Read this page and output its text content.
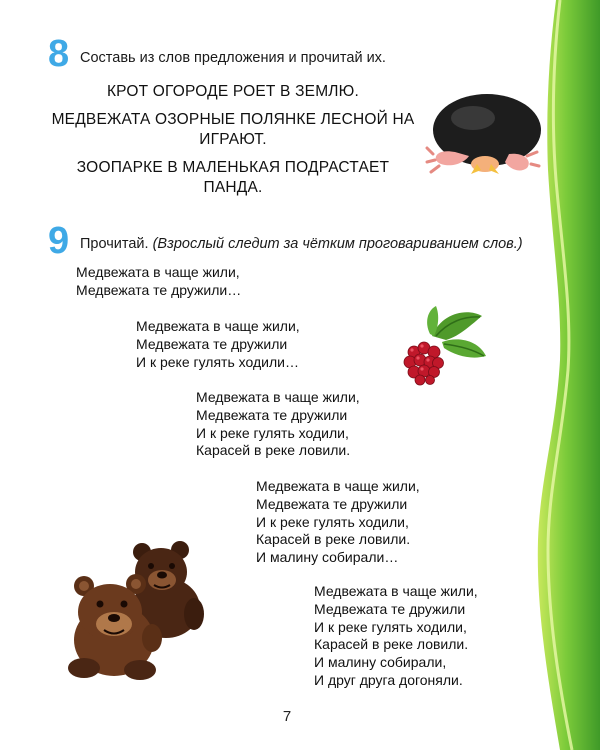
8 Составь из слов предложения и прочитай их.
КРОТ ОГОРОДЕ РОЕТ В ЗЕМЛЮ.
МЕДВЕЖАТА ОЗОРНЫЕ ПОЛЯНКЕ ЛЕСНОЙ НА ИГРАЮТ.
ЗООПАРКЕ В МАЛЕНЬКАЯ ПОДРАСТАЕТ ПАНДА.
9 Прочитай. (Взрослый следит за чётким проговариванием слов.)
Медвежата в чаще жили,
Медвежата те дружили…
Медвежата в чаще жили,
Медвежата те дружили
И к реке гулять ходили…
Медвежата в чаще жили,
Медвежата те дружили
И к реке гулять ходили,
Карасей в реке ловили.
Медвежата в чаще жили,
Медвежата те дружили
И к реке гулять ходили,
Карасей в реке ловили.
И малину собирали…
Медвежата в чаще жили,
Медвежата те дружили
И к реке гулять ходили,
Карасей в реке ловили.
И малину собирали,
И друг друга догоняли.
7
